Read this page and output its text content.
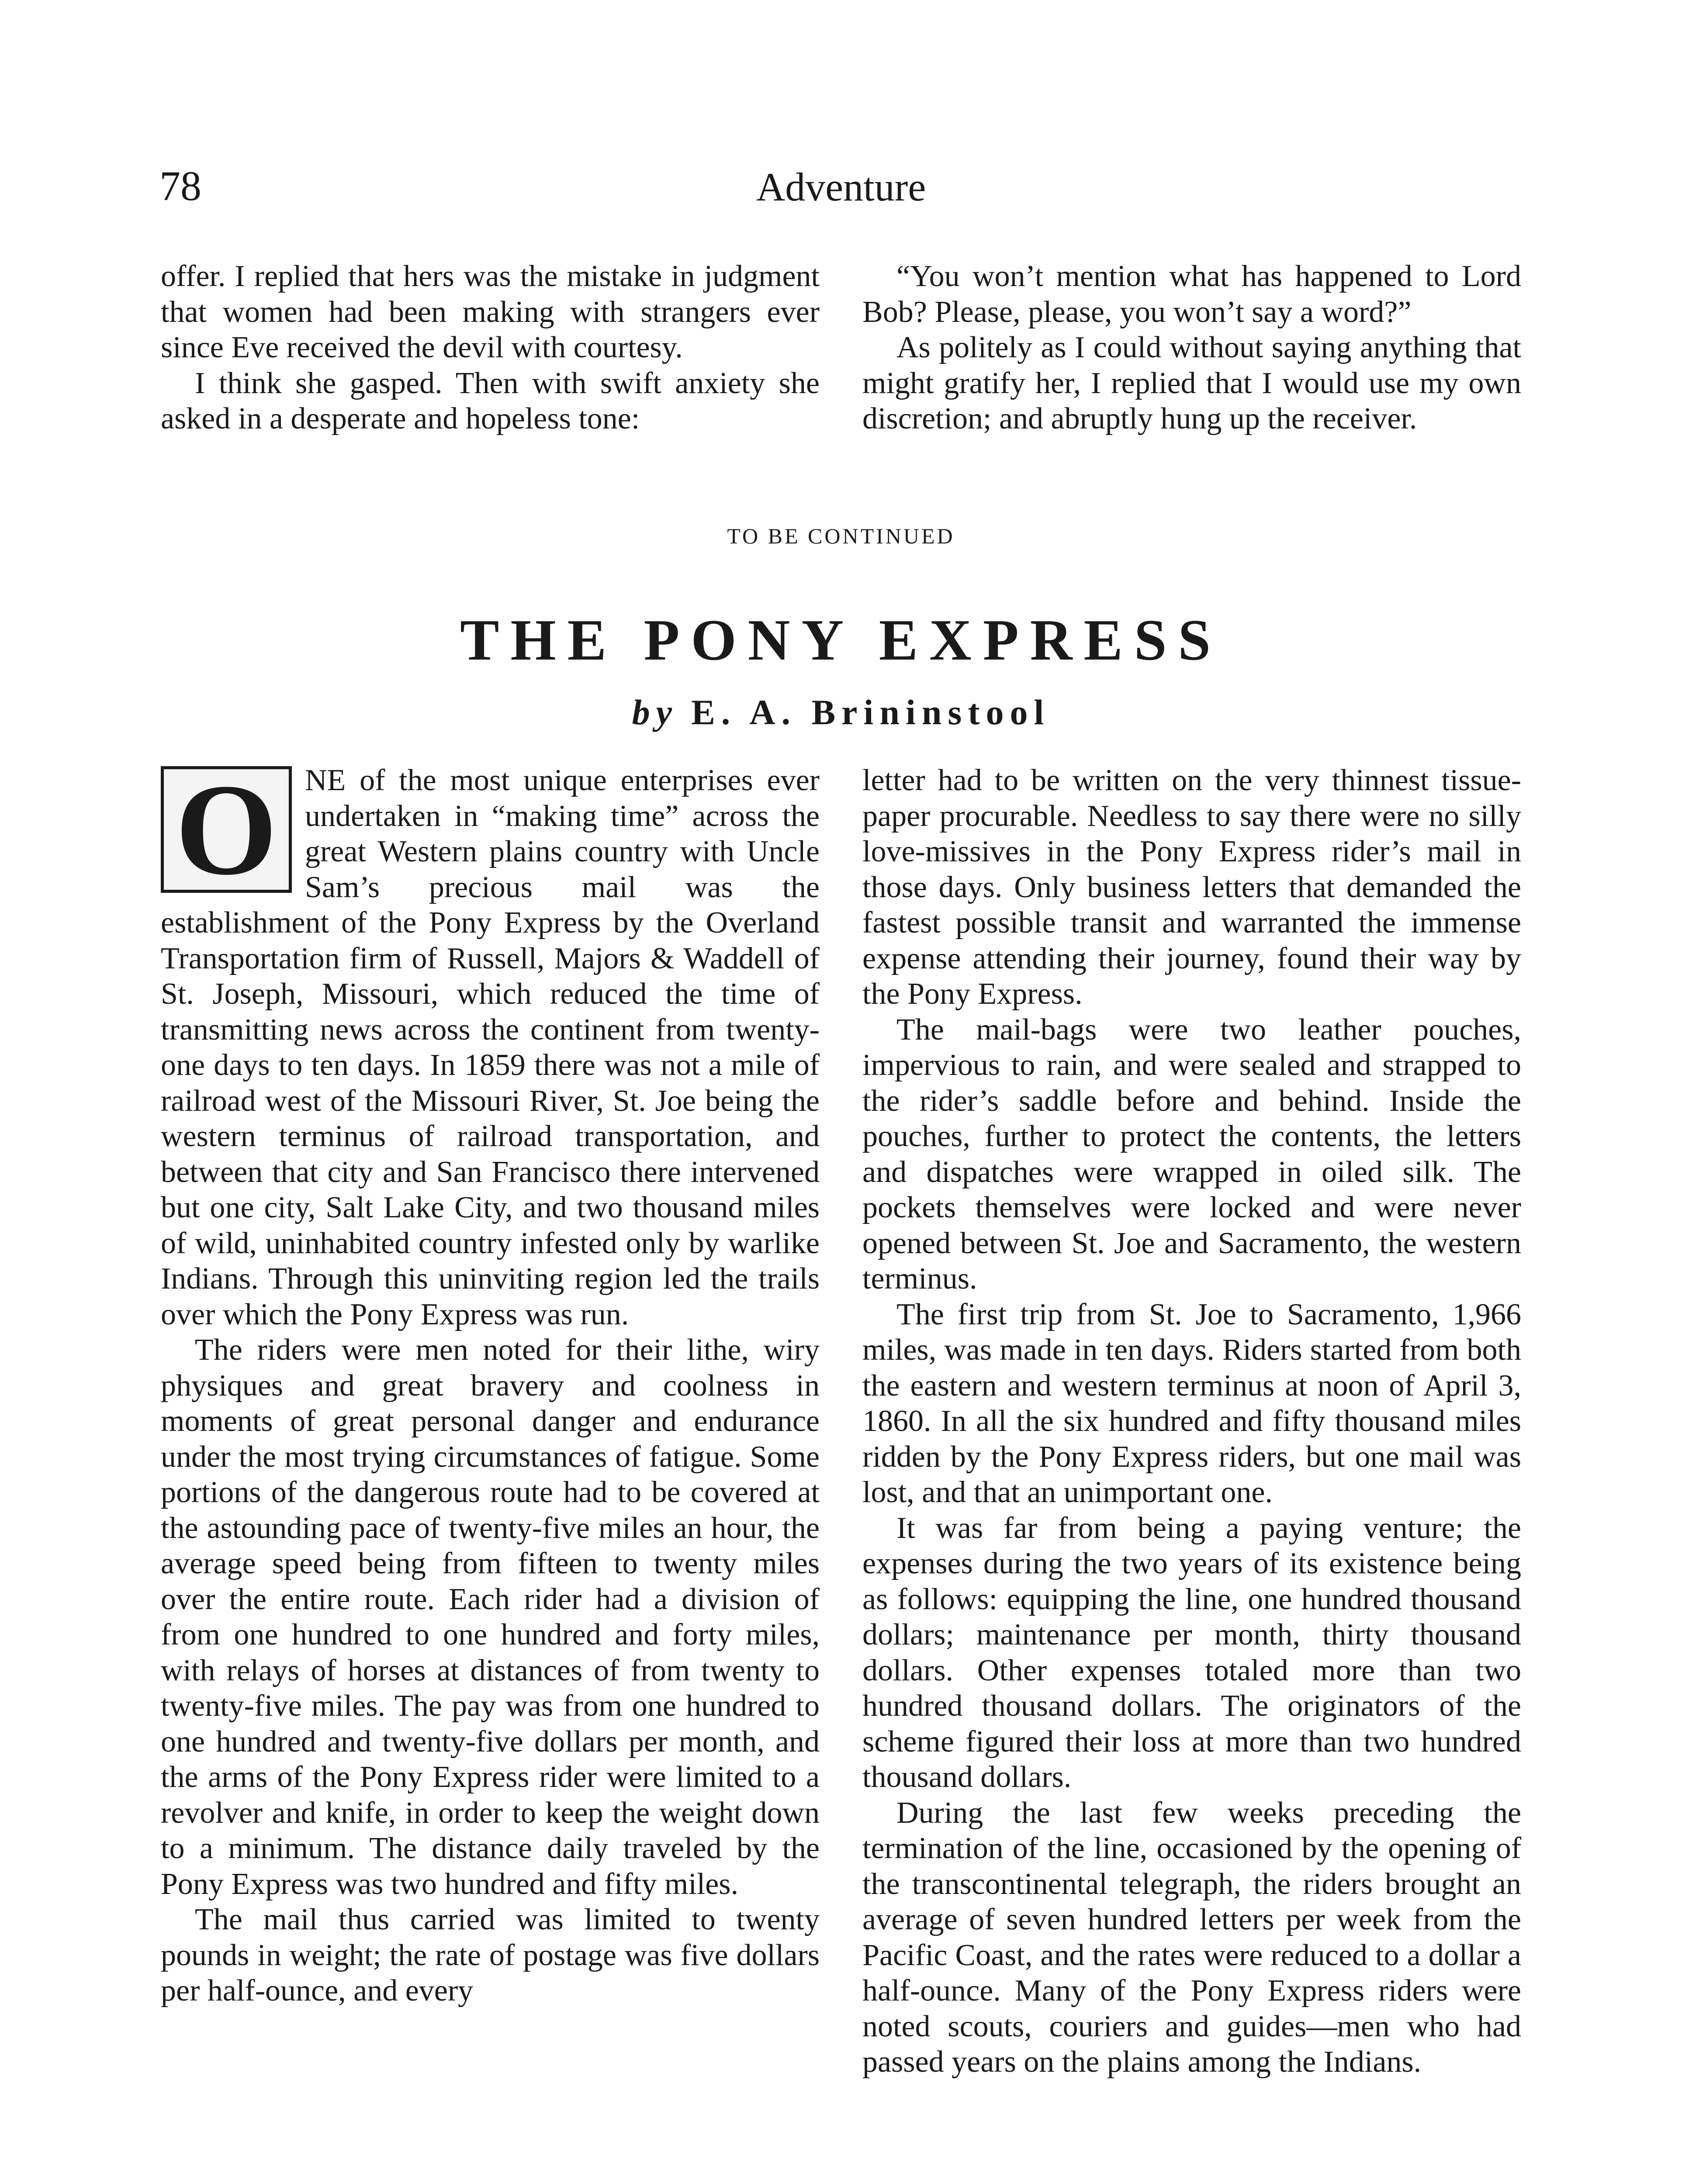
78	Adventure

offer. I replied that hers was the mistake in judgment that women had been making with strangers ever since Eve received the devil with courtesy.

I think she gasped. Then with swift anxiety she asked in a desperate and hopeless tone:

“You won’t mention what has happened to Lord Bob? Please, please, you won’t say a word?”

As politely as I could without saying anything that might gratify her, I replied that I would use my own discretion; and abruptly hung up the receiver.

TO BE CONTINUED
THE PONY EXPRESS
by E. A. Brininstool

O NE of the most unique enterprises ever undertaken in “making time” across the great Western plains country with Uncle Sam’s precious mail was the establishment of the Pony Express by the Overland Transportation firm of Russell, Majors & Waddell of St. Joseph, Missouri, which reduced the time of transmitting news across the continent from twenty-one days to ten days. In 1859 there was not a mile of railroad west of the Missouri River, St. Joe being the western terminus of railroad transportation, and between that city and San Francisco there intervened but one city, Salt Lake City, and two thousand miles of wild, uninhabited country infested only by warlike Indians. Through this uninviting region led the trails over which the Pony Express was run.

The riders were men noted for their lithe, wiry physiques and great bravery and coolness in moments of great personal danger and endurance under the most trying circumstances of fatigue. Some portions of the dangerous route had to be covered at the astounding pace of twenty-five miles an hour, the average speed being from fifteen to twenty miles over the entire route. Each rider had a division of from one hundred to one hundred and forty miles, with relays of horses at distances of from twenty to twenty-five miles. The pay was from one hundred to one hundred and twenty-five dollars per month, and the arms of the Pony Express rider were limited to a revolver and knife, in order to keep the weight down to a minimum. The distance daily traveled by the Pony Express was two hundred and fifty miles.

The mail thus carried was limited to twenty pounds in weight; the rate of postage was five dollars per half-ounce, and every

letter had to be written on the very thinnest tissue-paper procurable. Needless to say there were no silly love-missives in the Pony Express rider’s mail in those days. Only business letters that demanded the fastest possible transit and warranted the immense expense attending their journey, found their way by the Pony Express.

The mail-bags were two leather pouches, impervious to rain, and were sealed and strapped to the rider’s saddle before and behind. Inside the pouches, further to protect the contents, the letters and dispatches were wrapped in oiled silk. The pockets themselves were locked and were never opened between St. Joe and Sacramento, the western terminus.

The first trip from St. Joe to Sacramento, 1,966 miles, was made in ten days. Riders started from both the eastern and western terminus at noon of April 3, 1860. In all the six hundred and fifty thousand miles ridden by the Pony Express riders, but one mail was lost, and that an unimportant one.

It was far from being a paying venture; the expenses during the two years of its existence being as follows: equipping the line, one hundred thousand dollars; maintenance per month, thirty thousand dollars. Other expenses totaled more than two hundred thousand dollars. The originators of the scheme figured their loss at more than two hundred thousand dollars.

During the last few weeks preceding the termination of the line, occasioned by the opening of the transcontinental telegraph, the riders brought an average of seven hundred letters per week from the Pacific Coast, and the rates were reduced to a dollar a half-ounce. Many of the Pony Express riders were noted scouts, couriers and guides—men who had passed years on the plains among the Indians.
